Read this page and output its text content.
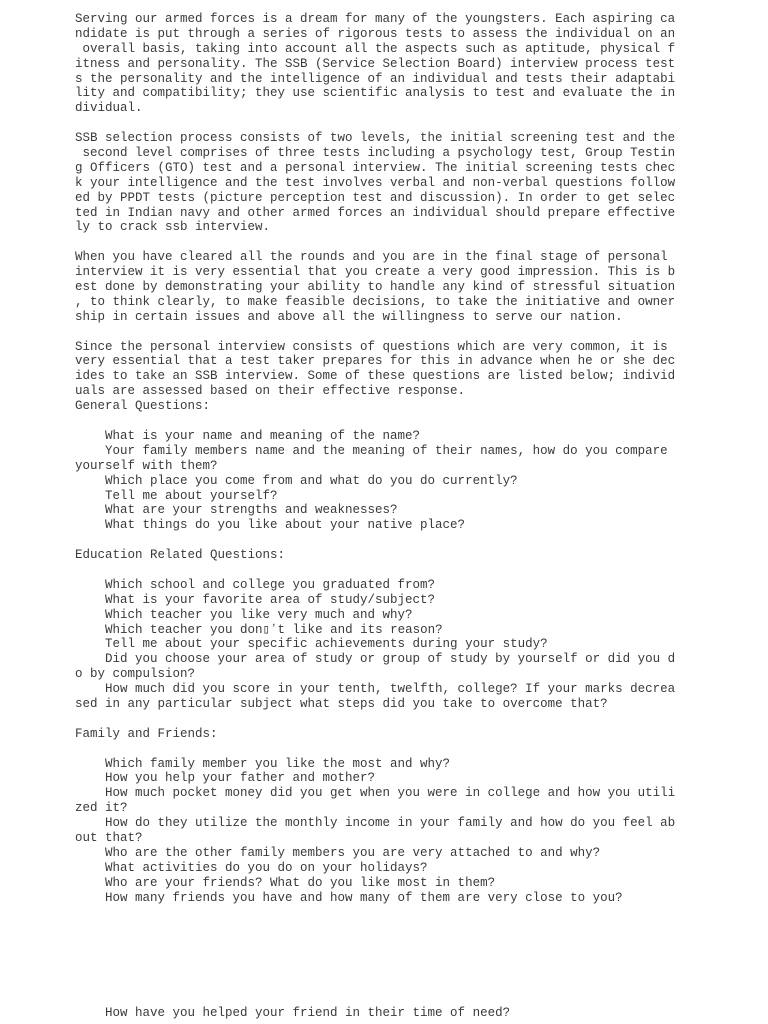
Serving our armed forces is a dream for many of the youngsters. Each aspiring ca
ndidate is put through a series of rigorous tests to assess the individual on an
overall basis, taking into account all the aspects such as aptitude, physical f
itness and personality. The SSB (Service Selection Board) interview process test
s the personality and the intelligence of an individual and tests their adaptabi
lity and compatibility; they use scientific analysis to test and evaluate the in
dividual.
SSB selection process consists of two levels, the initial screening test and the
second level comprises of three tests including a psychology test, Group Testin
g Officers (GTO) test and a personal interview. The initial screening tests chec
k your intelligence and the test involves verbal and non-verbal questions follow
ed by PPDT tests (picture perception test and discussion). In order to get selec
ted in Indian navy and other armed forces an individual should prepare effective
ly to crack ssb interview.
When you have cleared all the rounds and you are in the final stage of personal
interview it is very essential that you create a very good impression. This is b
est done by demonstrating your ability to handle any kind of stressful situation
, to think clearly, to make feasible decisions, to take the initiative and owner
ship in certain issues and above all the willingness to serve our nation.
Since the personal interview consists of questions which are very common, it is
very essential that a test taker prepares for this in advance when he or she dec
ides to take an SSB interview. Some of these questions are listed below; individ
uals are assessed based on their effective response.
General Questions:
What is your name and meaning of the name?
Your family members name and the meaning of their names, how do you compare
yourself with them?
Which place you come from and what do you do currently?
Tell me about yourself?
What are your strengths and weaknesses?
What things do you like about your native place?
Education Related Questions:
Which school and college you graduated from?
What is your favorite area of study/subject?
Which teacher you like very much and why?
Which teacher you don▯ʼt like and its reason?
Tell me about your specific achievements during your study?
Did you choose your area of study or group of study by yourself or did you d
o by compulsion?
How much did you score in your tenth, twelfth, college? If your marks decrea
sed in any particular subject what steps did you take to overcome that?
Family and Friends:
Which family member you like the most and why?
How you help your father and mother?
How much pocket money did you get when you were in college and how you utili
zed it?
How do they utilize the monthly income in your family and how do you feel ab
out that?
Who are the other family members you are very attached to and why?
What activities do you do on your holidays?
Who are your friends? What do you like most in them?
How many friends you have and how many of them are very close to you?
How have you helped your friend in their time of need?
